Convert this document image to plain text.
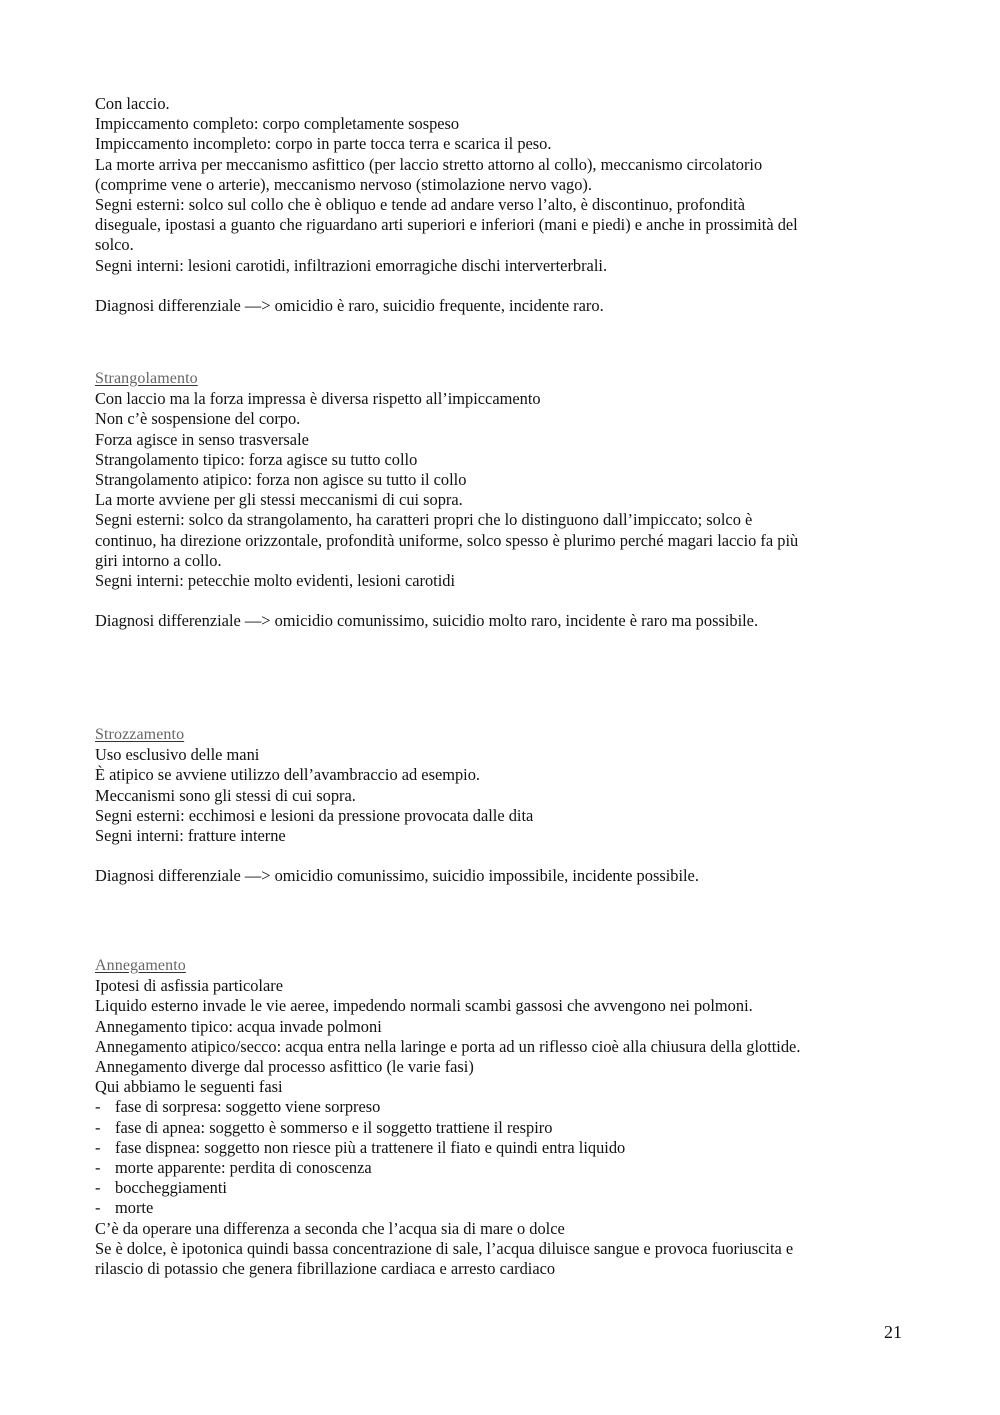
Con laccio.
Impiccamento completo: corpo completamente sospeso
Impiccamento incompleto: corpo in parte tocca terra e scarica il peso.
La morte arriva per meccanismo asfittico (per laccio stretto attorno al collo), meccanismo circolatorio
(comprime vene o arterie), meccanismo nervoso (stimolazione nervo vago).
Segni esterni: solco sul collo che è obliquo e tende ad andare verso l’alto, è discontinuo, profondità
diseguale, ipostasi a guanto che riguardano arti superiori e inferiori (mani e piedi) e anche in prossimità del
solco.
Segni interni: lesioni carotidi, infiltrazioni emorragiche dischi interverterbrali.
Diagnosi differenziale —> omicidio è raro, suicidio frequente, incidente raro.
Strangolamento
Con laccio ma la forza impressa è diversa rispetto all’impiccamento
Non c’è sospensione del corpo.
Forza agisce in senso trasversale
Strangolamento tipico: forza agisce su tutto collo
Strangolamento atipico: forza non agisce su tutto il collo
La morte avviene per gli stessi meccanismi di cui sopra.
Segni esterni: solco da strangolamento, ha caratteri propri che lo distinguono dall’impiccato; solco è
continuo, ha direzione orizzontale, profondità uniforme, solco spesso è plurimo perché magari laccio fa più
giri intorno a collo.
Segni interni: petecchie molto evidenti, lesioni carotidi
Diagnosi differenziale —> omicidio comunissimo, suicidio molto raro, incidente è raro ma possibile.
Strozzamento
Uso esclusivo delle mani
È atipico se avviene utilizzo dell’avambraccio ad esempio.
Meccanismi sono gli stessi di cui sopra.
Segni esterni: ecchimosi e lesioni da pressione provocata dalle dita
Segni interni: fratture interne
Diagnosi differenziale —> omicidio comunissimo, suicidio impossibile, incidente possibile.
Annegamento
Ipotesi di asfissia particolare
Liquido esterno invade le vie aeree, impedendo normali scambi gassosi che avvengono nei polmoni.
Annegamento tipico: acqua invade polmoni
Annegamento atipico/secco: acqua entra nella laringe e porta ad un riflesso cioè alla chiusura della glottide.
Annegamento diverge dal processo asfittico (le varie fasi)
Qui abbiamo le seguenti fasi
- fase di sorpresa: soggetto viene sorpreso
- fase di apnea: soggetto è sommerso e il soggetto trattiene il respiro
- fase dispnea: soggetto non riesce più a trattenere il fiato e quindi entra liquido
- morte apparente: perdita di conoscenza
- boccheggiamenti
- morte
C’è da operare una differenza a seconda che l’acqua sia di mare o dolce
Se è dolce, è ipotonica quindi bassa concentrazione di sale, l’acqua diluisce sangue e provoca fuoriuscita e
rilascio di potassio che genera fibrillazione cardiaca e arresto cardiaco
21
